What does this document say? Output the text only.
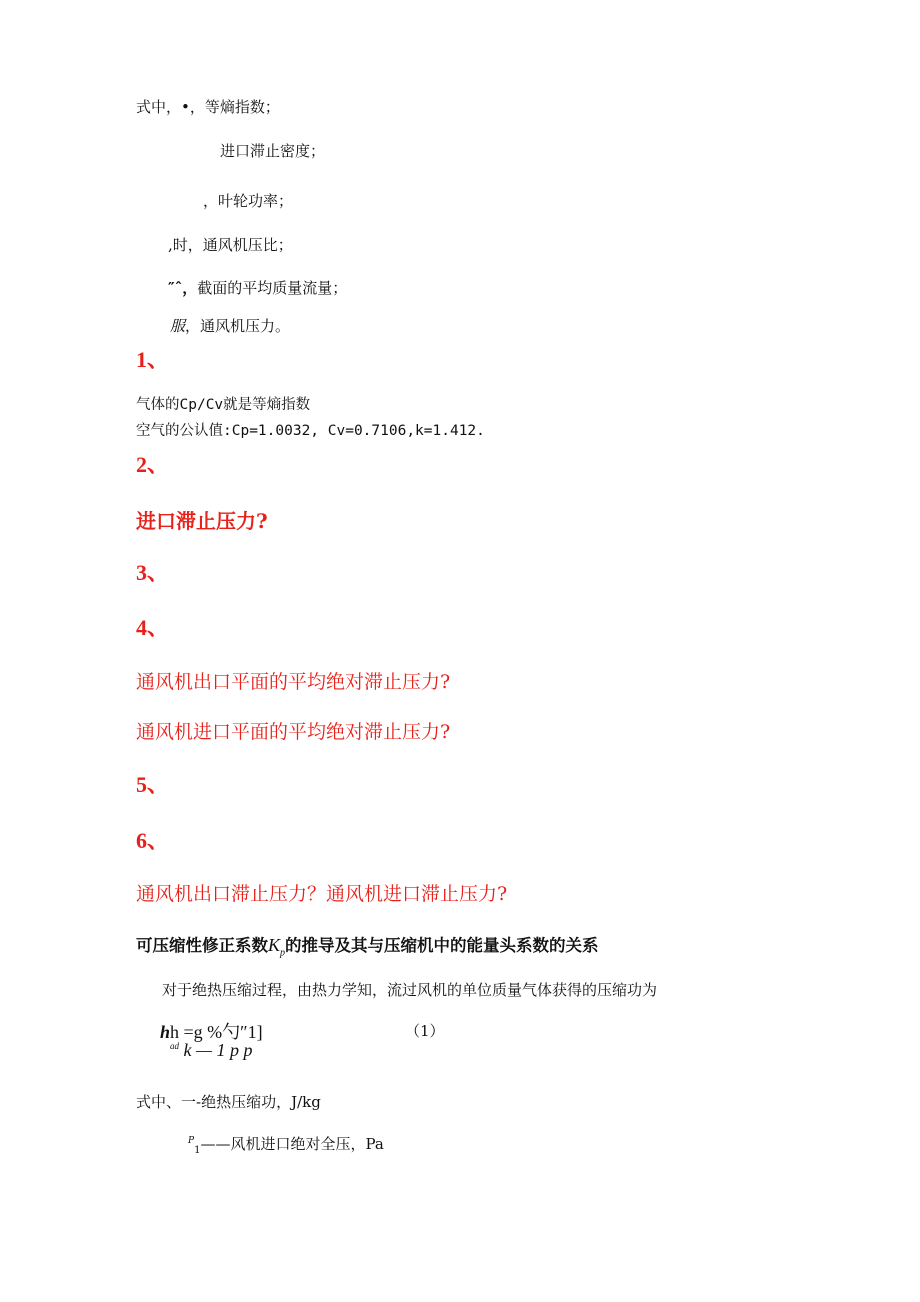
式中，•，等熵指数；
进口滞止密度；
，叶轮功率；
,时，通风机压比；
″ˆ，截面的平均质量流量；
服，通风机压力。
1、
气体的Cp/Cv就是等熵指数
空气的公认值:Cp=1.0032, Cv=0.7106,k=1.412.
2、
进口滞止压力?
3、
4、
通风机出口平面的平均绝对滞止压力?
通风机进口平面的平均绝对滞止压力?
5、
6、
通风机出口滞止压力？通风机进口滞止压力?
可压缩性修正系数$K_p$的推导及其与压缩机中的能量头系数的关系
对于绝热压缩过程，由热力学知，流过风机的单位质量气体获得的压缩功为
hh =g %勺″1]	（1）
$^{ad}$ k — 1 p p
式中、一-绝热压缩功，J/kg
$^P_1$——风机进口绝对全压，Pa
